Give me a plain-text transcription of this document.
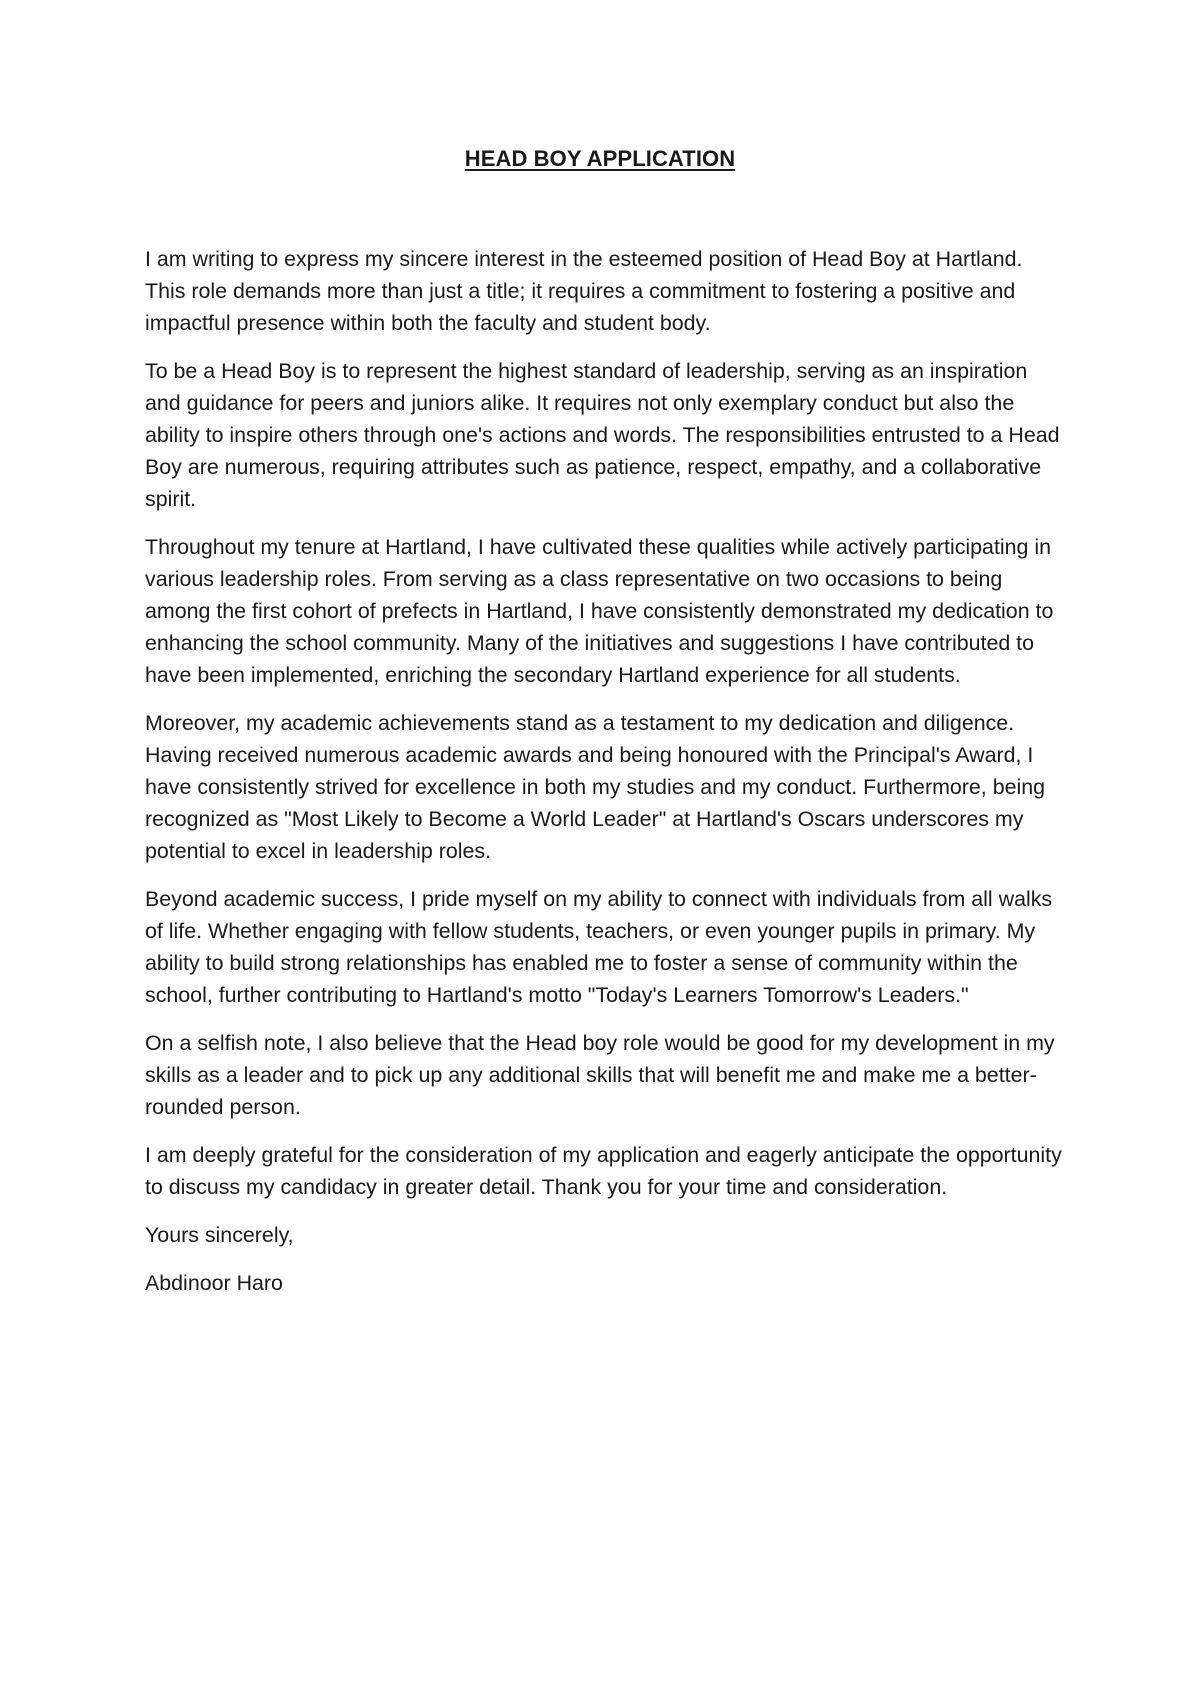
HEAD BOY APPLICATION

I am writing to express my sincere interest in the esteemed position of Head Boy at Hartland. This role demands more than just a title; it requires a commitment to fostering a positive and impactful presence within both the faculty and student body.

To be a Head Boy is to represent the highest standard of leadership, serving as an inspiration and guidance for peers and juniors alike. It requires not only exemplary conduct but also the ability to inspire others through one's actions and words. The responsibilities entrusted to a Head Boy are numerous, requiring attributes such as patience, respect, empathy, and a collaborative spirit.

Throughout my tenure at Hartland, I have cultivated these qualities while actively participating in various leadership roles. From serving as a class representative on two occasions to being among the first cohort of prefects in Hartland, I have consistently demonstrated my dedication to enhancing the school community. Many of the initiatives and suggestions I have contributed to have been implemented, enriching the secondary Hartland experience for all students.

Moreover, my academic achievements stand as a testament to my dedication and diligence. Having received numerous academic awards and being honoured with the Principal's Award, I have consistently strived for excellence in both my studies and my conduct. Furthermore, being recognized as "Most Likely to Become a World Leader" at Hartland's Oscars underscores my potential to excel in leadership roles.

Beyond academic success, I pride myself on my ability to connect with individuals from all walks of life. Whether engaging with fellow students, teachers, or even younger pupils in primary. My ability to build strong relationships has enabled me to foster a sense of community within the school, further contributing to Hartland's motto "Today's Learners Tomorrow's Leaders."

On a selfish note, I also believe that the Head boy role would be good for my development in my skills as a leader and to pick up any additional skills that will benefit me and make me a better-rounded person.

I am deeply grateful for the consideration of my application and eagerly anticipate the opportunity to discuss my candidacy in greater detail. Thank you for your time and consideration.

Yours sincerely,

Abdinoor Haro
